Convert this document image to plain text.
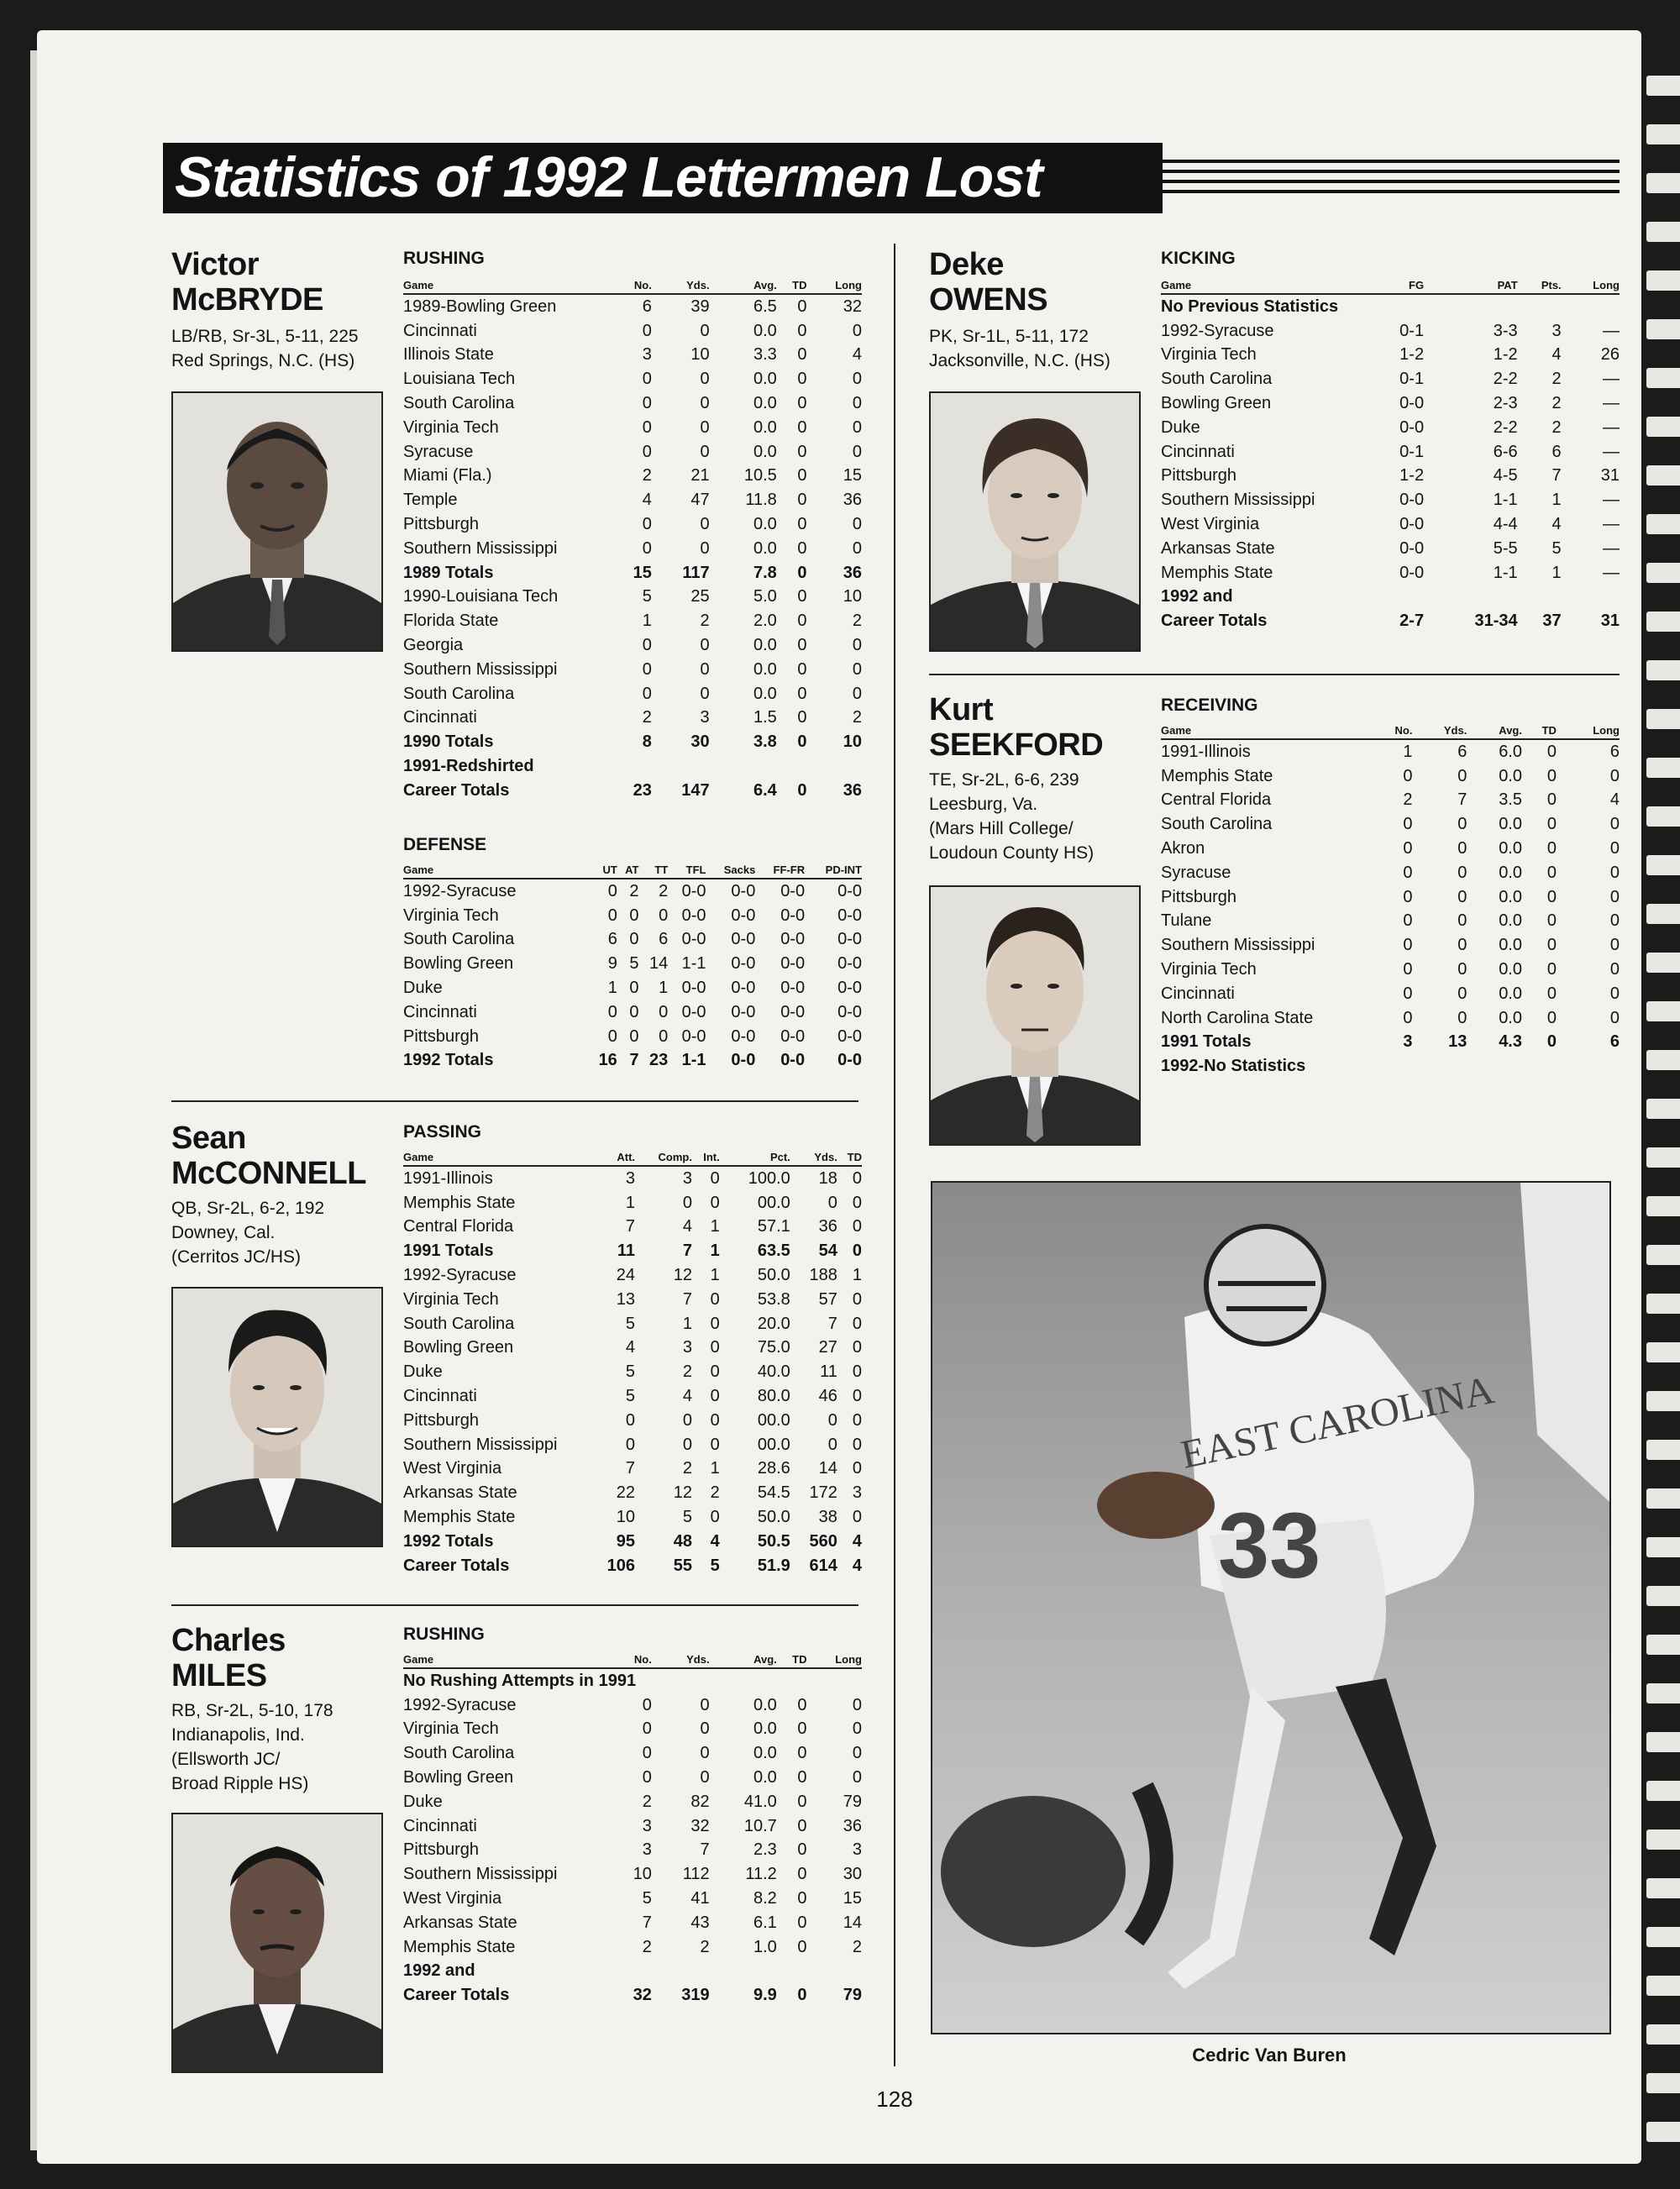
Statistics of 1992 Lettermen Lost
Victor
McBRYDE
LB/RB, Sr-3L, 5-11, 225
Red Springs, N.C. (HS)
RUSHING
Game	No.	Yds.	Avg.	TD	Long
1989-Bowling Green	6	39	6.5	0	32
Cincinnati	0	0	0.0	0	0
Illinois State	3	10	3.3	0	4
Louisiana Tech	0	0	0.0	0	0
South Carolina	0	0	0.0	0	0
Virginia Tech	0	0	0.0	0	0
Syracuse	0	0	0.0	0	0
Miami (Fla.)	2	21	10.5	0	15
Temple	4	47	11.8	0	36
Pittsburgh	0	0	0.0	0	0
Southern Mississippi	0	0	0.0	0	0
1989 Totals	15	117	7.8	0	36
1990-Louisiana Tech	5	25	5.0	0	10
Florida State	1	2	2.0	0	2
Georgia	0	0	0.0	0	0
Southern Mississippi	0	0	0.0	0	0
South Carolina	0	0	0.0	0	0
Cincinnati	2	3	1.5	0	2
1990 Totals	8	30	3.8	0	10
1991-Redshirted					
Career Totals	23	147	6.4	0	36
DEFENSE
Game	UT	AT	TT	TFL	Sacks	FF-FR	PD-INT
1992-Syracuse	0	2	2	0-0	0-0	0-0	0-0
Virginia Tech	0	0	0	0-0	0-0	0-0	0-0
South Carolina	6	0	6	0-0	0-0	0-0	0-0
Bowling Green	9	5	14	1-1	0-0	0-0	0-0
Duke	1	0	1	0-0	0-0	0-0	0-0
Cincinnati	0	0	0	0-0	0-0	0-0	0-0
Pittsburgh	0	0	0	0-0	0-0	0-0	0-0
1992 Totals	16	7	23	1-1	0-0	0-0	0-0
Sean
McCONNELL
QB, Sr-2L, 6-2, 192
Downey, Cal.
(Cerritos JC/HS)
PASSING
Game	Att.	Comp.	Int.	Pct.	Yds.	TD
1991-Illinois	3	3	0	100.0	18	0
Memphis State	1	0	0	00.0	0	0
Central Florida	7	4	1	57.1	36	0
1991 Totals	11	7	1	63.5	54	0
1992-Syracuse	24	12	1	50.0	188	1
Virginia Tech	13	7	0	53.8	57	0
South Carolina	5	1	0	20.0	7	0
Bowling Green	4	3	0	75.0	27	0
Duke	5	2	0	40.0	11	0
Cincinnati	5	4	0	80.0	46	0
Pittsburgh	0	0	0	00.0	0	0
Southern Mississippi	0	0	0	00.0	0	0
West Virginia	7	2	1	28.6	14	0
Arkansas State	22	12	2	54.5	172	3
Memphis State	10	5	0	50.0	38	0
1992 Totals	95	48	4	50.5	560	4
Career Totals	106	55	5	51.9	614	4
Charles
MILES
RB, Sr-2L, 5-10, 178
Indianapolis, Ind.
(Ellsworth JC/
Broad Ripple HS)
RUSHING
Game	No.	Yds.	Avg.	TD	Long
No Rushing Attempts in 1991					
1992-Syracuse	0	0	0.0	0	0
Virginia Tech	0	0	0.0	0	0
South Carolina	0	0	0.0	0	0
Bowling Green	0	0	0.0	0	0
Duke	2	82	41.0	0	79
Cincinnati	3	32	10.7	0	36
Pittsburgh	3	7	2.3	0	3
Southern Mississippi	10	112	11.2	0	30
West Virginia	5	41	8.2	0	15
Arkansas State	7	43	6.1	0	14
Memphis State	2	2	1.0	0	2
1992 and					
Career Totals	32	319	9.9	0	79
Deke
OWENS
PK, Sr-1L, 5-11, 172
Jacksonville, N.C. (HS)
KICKING
Game	FG	PAT	Pts.	Long
No Previous Statistics				
1992-Syracuse	0-1	3-3	3	—
Virginia Tech	1-2	1-2	4	26
South Carolina	0-1	2-2	2	—
Bowling Green	0-0	2-3	2	—
Duke	0-0	2-2	2	—
Cincinnati	0-1	6-6	6	—
Pittsburgh	1-2	4-5	7	31
Southern Mississippi	0-0	1-1	1	—
West Virginia	0-0	4-4	4	—
Arkansas State	0-0	5-5	5	—
Memphis State	0-0	1-1	1	—
1992 and				
Career Totals	2-7	31-34	37	31
Kurt
SEEKFORD
TE, Sr-2L, 6-6, 239
Leesburg, Va.
(Mars Hill College/
Loudoun County HS)
RECEIVING
Game	No.	Yds.	Avg.	TD	Long
1991-Illinois	1	6	6.0	0	6
Memphis State	0	0	0.0	0	0
Central Florida	2	7	3.5	0	4
South Carolina	0	0	0.0	0	0
Akron	0	0	0.0	0	0
Syracuse	0	0	0.0	0	0
Pittsburgh	0	0	0.0	0	0
Tulane	0	0	0.0	0	0
Southern Mississippi	0	0	0.0	0	0
Virginia Tech	0	0	0.0	0	0
Cincinnati	0	0	0.0	0	0
North Carolina State	0	0	0.0	0	0
1991 Totals	3	13	4.3	0	6
1992-No Statistics					
EAST CAROLINA
33
Cedric Van Buren
128
